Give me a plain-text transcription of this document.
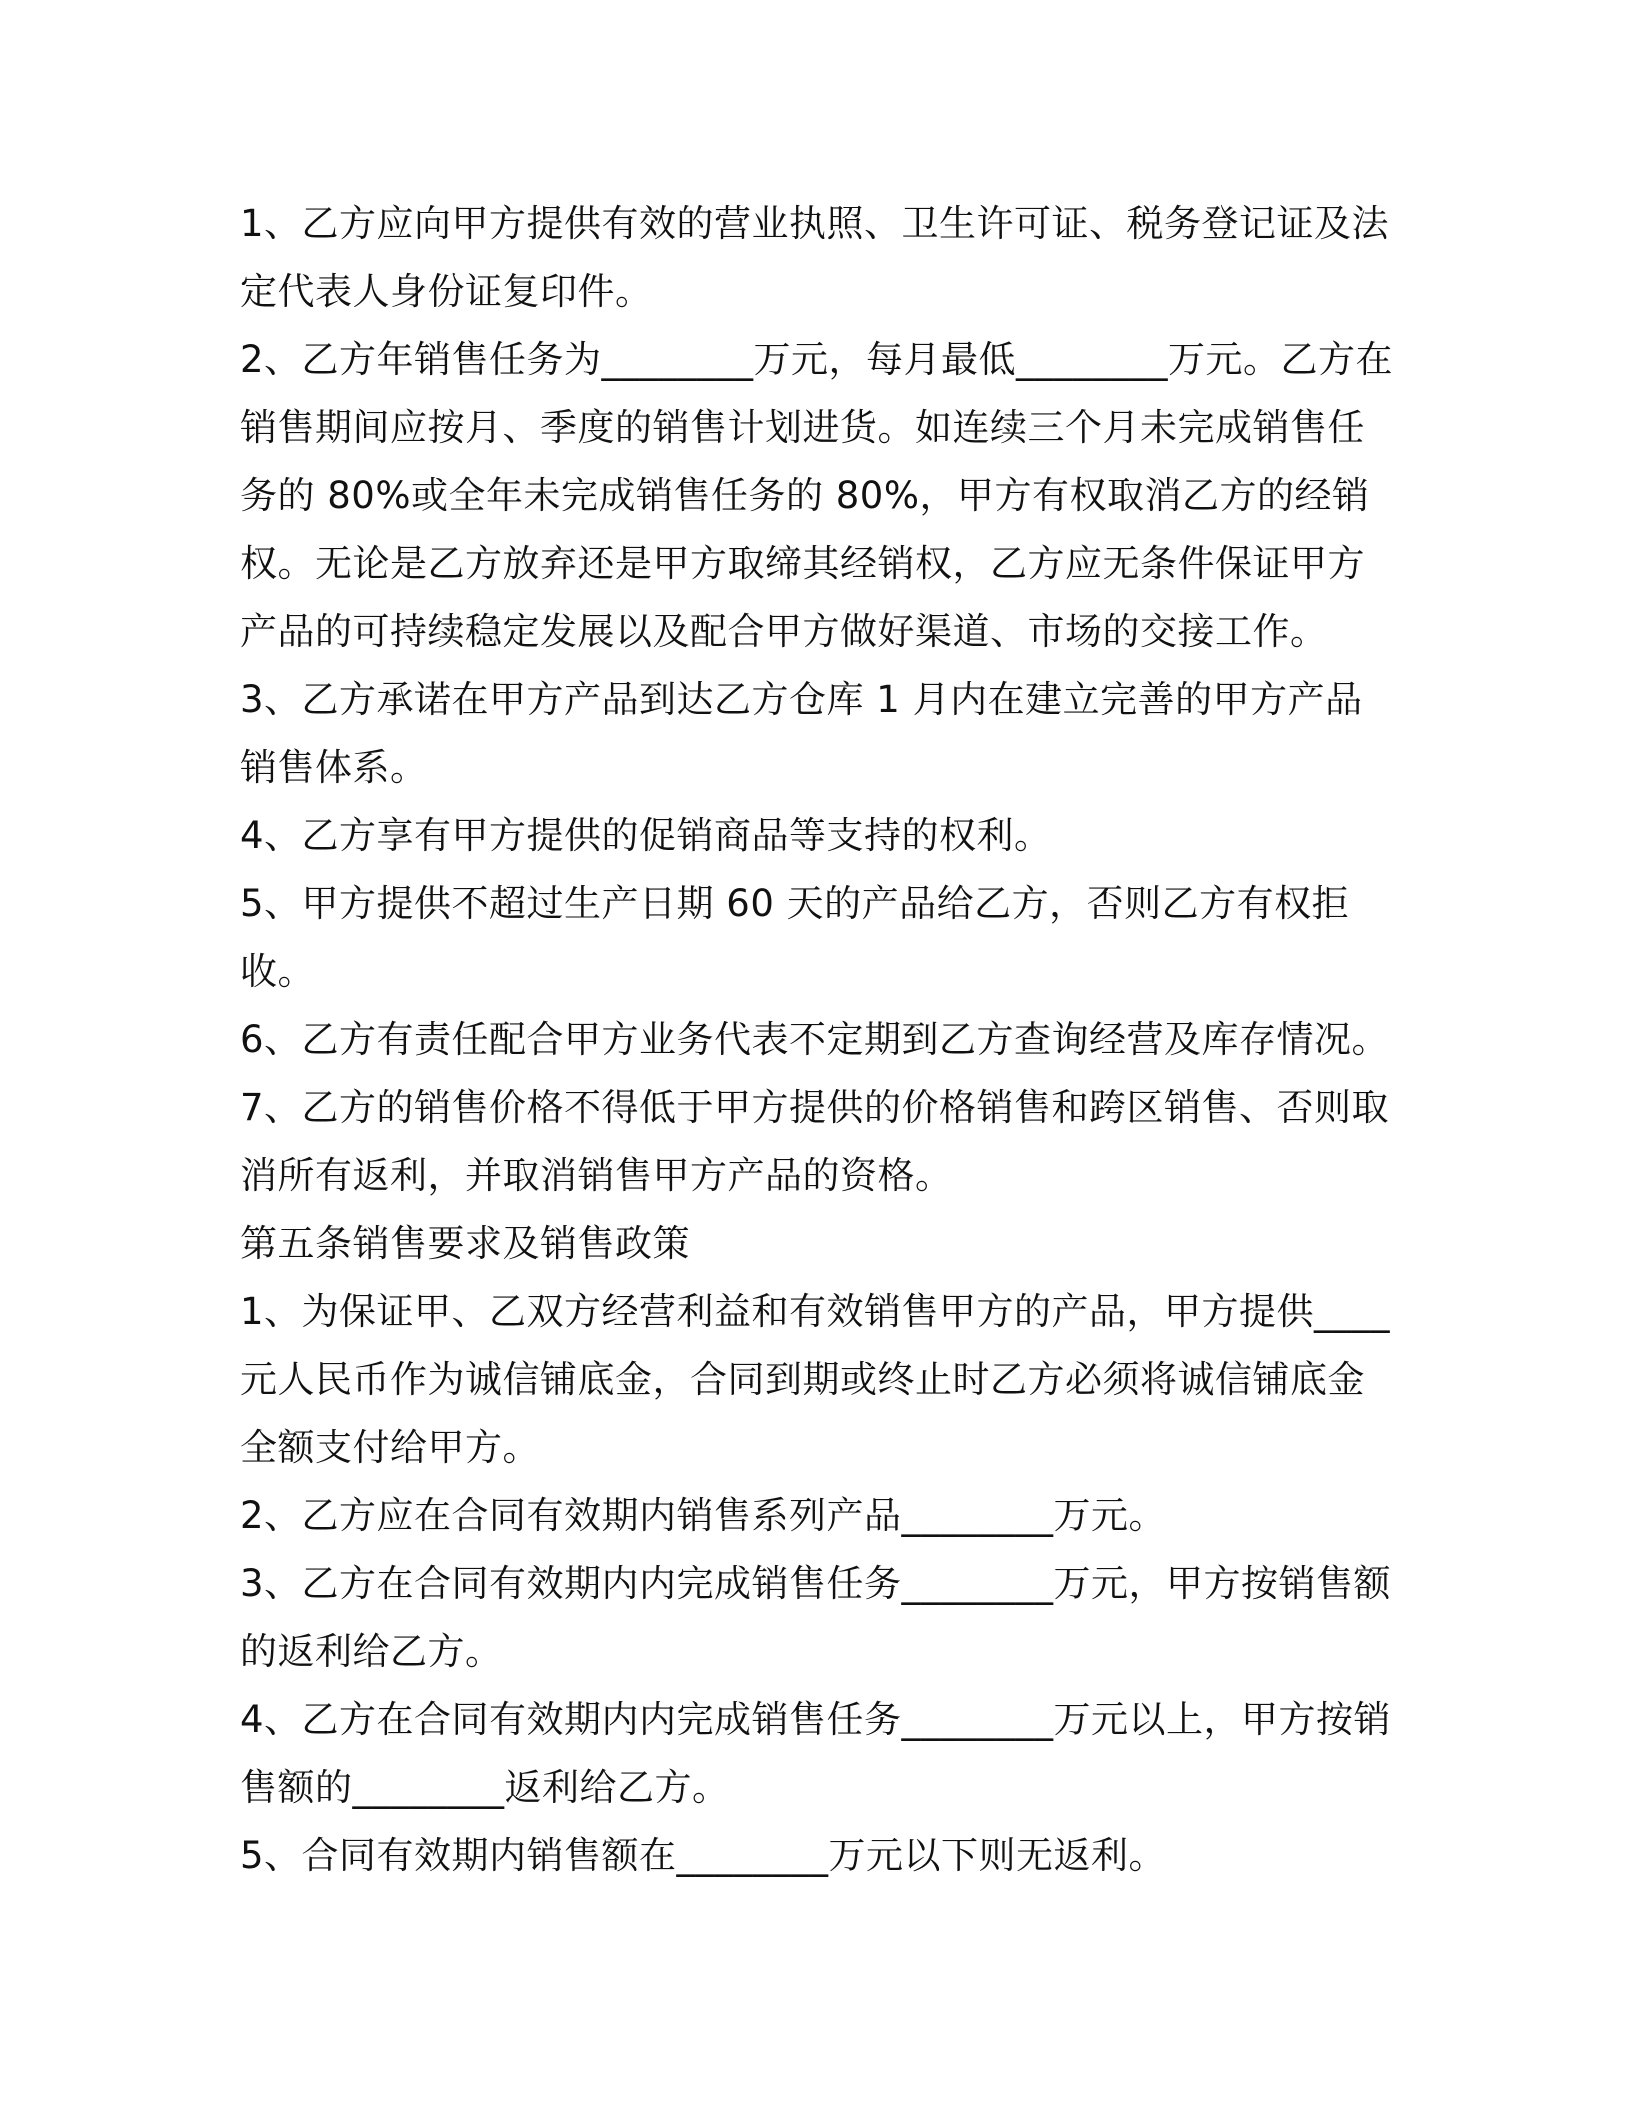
1、乙方应向甲方提供有效的营业执照、卫生许可证、税务登记证及法定代表人身份证复印件。

2、乙方年销售任务为________万元，每月最低________万元。乙方在销售期间应按月、季度的销售计划进货。如连续三个月未完成销售任务的 80%或全年未完成销售任务的 80%，甲方有权取消乙方的经销权。无论是乙方放弃还是甲方取缔其经销权，乙方应无条件保证甲方产品的可持续稳定发展以及配合甲方做好渠道、市场的交接工作。

3、乙方承诺在甲方产品到达乙方仓库 1 月内在建立完善的甲方产品销售体系。

4、乙方享有甲方提供的促销商品等支持的权利。

5、甲方提供不超过生产日期 60 天的产品给乙方，否则乙方有权拒收。

6、乙方有责任配合甲方业务代表不定期到乙方查询经营及库存情况。

7、乙方的销售价格不得低于甲方提供的价格销售和跨区销售、否则取消所有返利，并取消销售甲方产品的资格。

第五条销售要求及销售政策

1、为保证甲、乙双方经营利益和有效销售甲方的产品，甲方提供____元人民币作为诚信铺底金，合同到期或终止时乙方必须将诚信铺底金全额支付给甲方。

2、乙方应在合同有效期内销售系列产品________万元。

3、乙方在合同有效期内内完成销售任务________万元，甲方按销售额的返利给乙方。

4、乙方在合同有效期内内完成销售任务________万元以上，甲方按销售额的________返利给乙方。

5、合同有效期内销售额在________万元以下则无返利。
